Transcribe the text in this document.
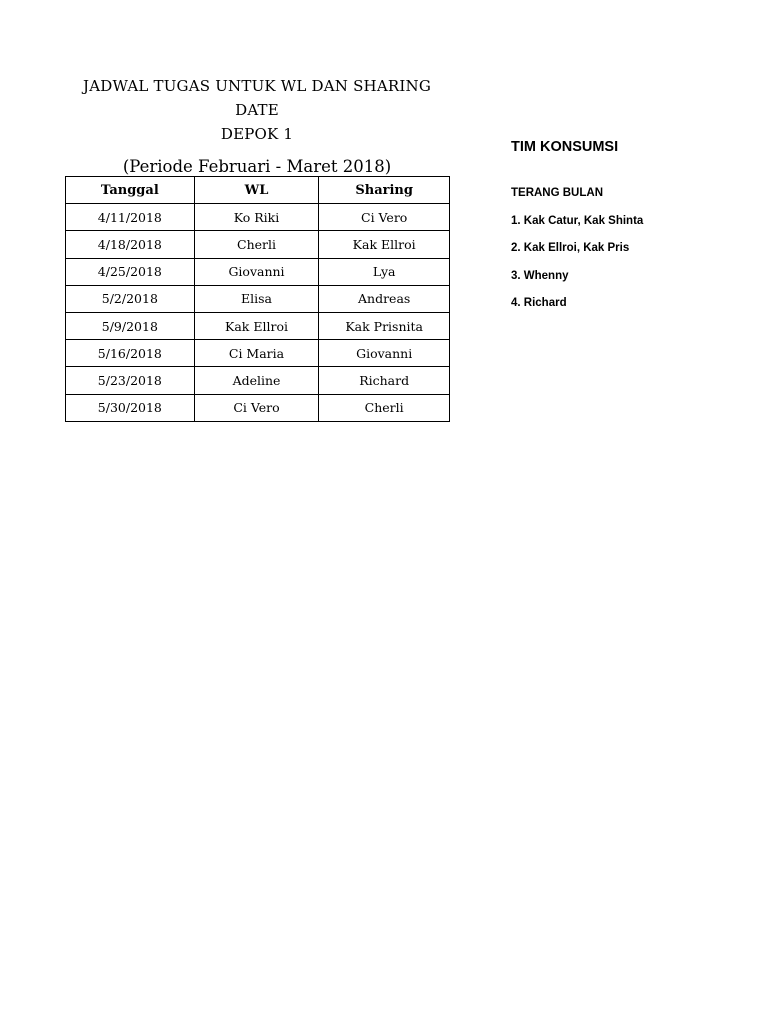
JADWAL TUGAS UNTUK WL DAN SHARING DATE
DEPOK 1
(Periode Februari - Maret 2018)
Tanggal	WL	Sharing
4/11/2018	Ko Riki	Ci Vero
4/18/2018	Cherli	Kak Ellroi
4/25/2018	Giovanni	Lya
5/2/2018	Elisa	Andreas
5/9/2018	Kak Ellroi	Kak Prisnita
5/16/2018	Ci Maria	Giovanni
5/23/2018	Adeline	Richard
5/30/2018	Ci Vero	Cherli
TIM KONSUMSI
TERANG BULAN
1. Kak Catur, Kak Shinta
2. Kak Ellroi, Kak Pris
3. Whenny
4. Richard
